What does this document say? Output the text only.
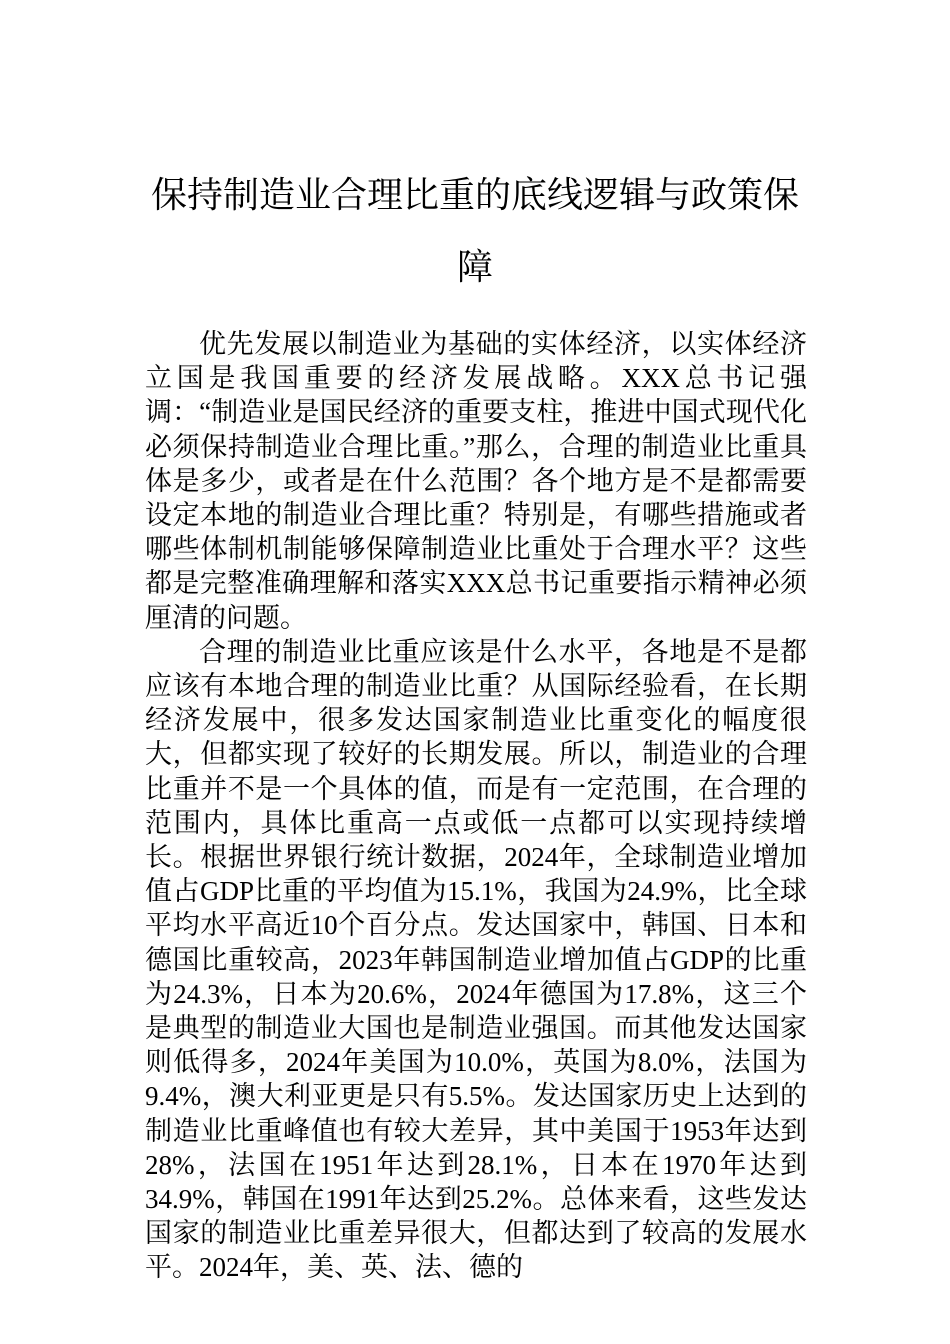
保持制造业合理比重的底线逻辑与政策保障

优先发展以制造业为基础的实体经济，以实体经济立国是我国重要的经济发展战略。XXX总书记强调：“制造业是国民经济的重要支柱，推进中国式现代化必须保持制造业合理比重。”那么，合理的制造业比重具体是多少，或者是在什么范围？各个地方是不是都需要设定本地的制造业合理比重？特别是，有哪些措施或者哪些体制机制能够保障制造业比重处于合理水平？这些都是完整准确理解和落实XXX总书记重要指示精神必须厘清的问题。

合理的制造业比重应该是什么水平，各地是不是都应该有本地合理的制造业比重？从国际经验看，在长期经济发展中，很多发达国家制造业比重变化的幅度很大，但都实现了较好的长期发展。所以，制造业的合理比重并不是一个具体的值，而是有一定范围，在合理的范围内，具体比重高一点或低一点都可以实现持续增长。根据世界银行统计数据，2024年，全球制造业增加值占GDP比重的平均值为15.1%，我国为24.9%，比全球平均水平高近10个百分点。发达国家中，韩国、日本和德国比重较高，2023年韩国制造业增加值占GDP的比重为24.3%，日本为20.6%，2024年德国为17.8%，这三个是典型的制造业大国也是制造业强国。而其他发达国家则低得多，2024年美国为10.0%，英国为8.0%，法国为9.4%，澳大利亚更是只有5.5%。发达国家历史上达到的制造业比重峰值也有较大差异，其中美国于1953年达到28%，法国在1951年达到28.1%，日本在1970年达到34.9%，韩国在1991年达到25.2%。总体来看，这些发达国家的制造业比重差异很大，但都达到了较高的发展水平。2024年，美、英、法、德的
